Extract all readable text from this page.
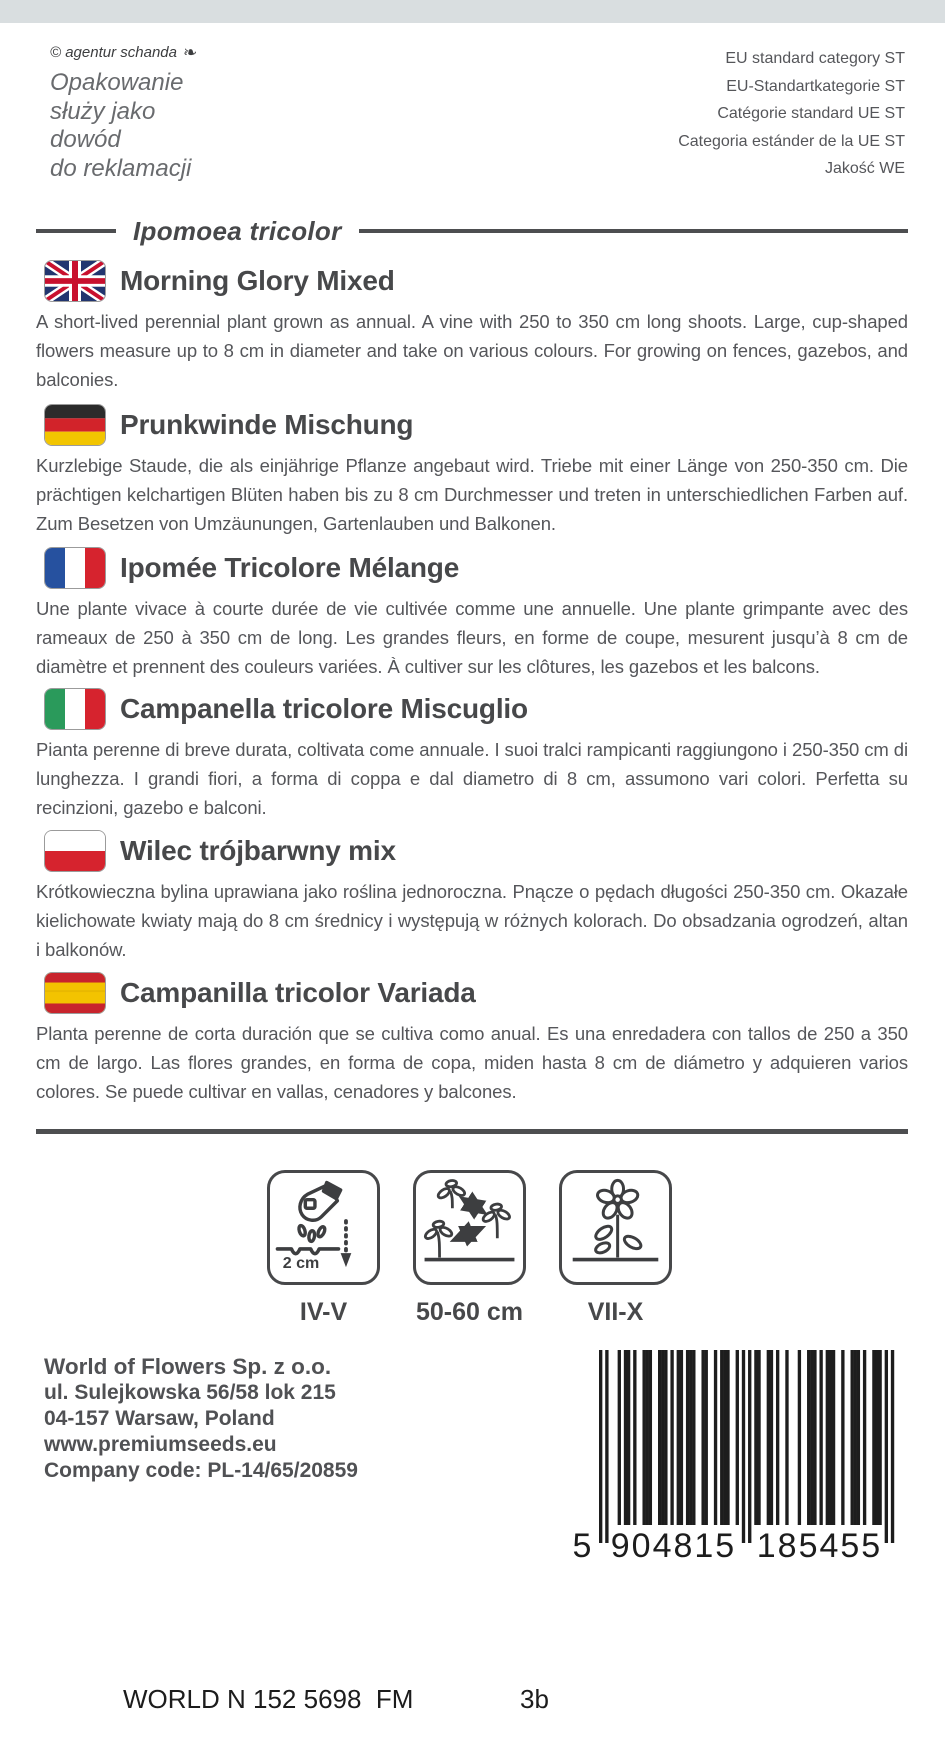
© agentur schanda ❧
Opakowanie
służy jako
dowód
do reklamacji
EU standard category ST
EU-Standartkategorie ST
Catégorie standard UE ST
Categoria estánder de la UE ST
Jakość WE
Ipomoea tricolor
Morning Glory Mixed

A short-lived perennial plant grown as annual. A vine with 250 to 350 cm long shoots. Large, cup-shaped flowers measure up to 8 cm in diameter and take on various colours. For growing on fences, gazebos, and balconies.

Prunkwinde Mischung

Kurzlebige Staude, die als einjährige Pflanze angebaut wird. Triebe mit einer Länge von 250-350 cm. Die prächtigen kelchartigen Blüten haben bis zu 8 cm Durchmesser und treten in unterschiedlichen Farben auf. Zum Besetzen von Umzäunungen, Gartenlauben und Balkonen.

Ipomée Tricolore Mélange

Une plante vivace à courte durée de vie cultivée comme une annuelle. Une plante grimpante avec des rameaux de 250 à 350 cm de long. Les grandes fleurs, en forme de coupe, mesurent jusqu’à 8 cm de diamètre et prennent des couleurs variées. À cultiver sur les clôtures, les gazebos et les balcons.

Campanella tricolore Miscuglio

Pianta perenne di breve durata, coltivata come annuale. I suoi tralci rampicanti raggiungono i 250-350 cm di lunghezza. I grandi fiori, a forma di coppa e dal diametro di 8 cm, assumono vari colori. Perfetta su recinzioni, gazebo e balconi.

Wilec trójbarwny mix

Krótkowieczna bylina uprawiana jako roślina jednoroczna. Pnącze o pędach długości 250-350 cm. Okazałe kielichowate kwiaty mają do 8 cm średnicy i występują w różnych kolorach. Do obsadzania ogrodzeń, altan i balkonów.

Campanilla tricolor Variada

Planta perenne de corta duración que se cultiva como anual. Es una enredadera con tallos de 250 a 350 cm de largo. Las flores grandes, en forma de copa, miden hasta 8 cm de diámetro y adquieren varios colores. Se puede cultivar en vallas, cenadores y balcones.

2 cm
IV-V	50-60 cm	VII-X
World of Flowers Sp. z o.o.
ul. Sulejkowska 56/58 lok 215
04-157 Warsaw, Poland
www.premiumseeds.eu
Company code: PL-14/65/20859
5 904815 185455
WORLD N 152 5698  FM	3b
